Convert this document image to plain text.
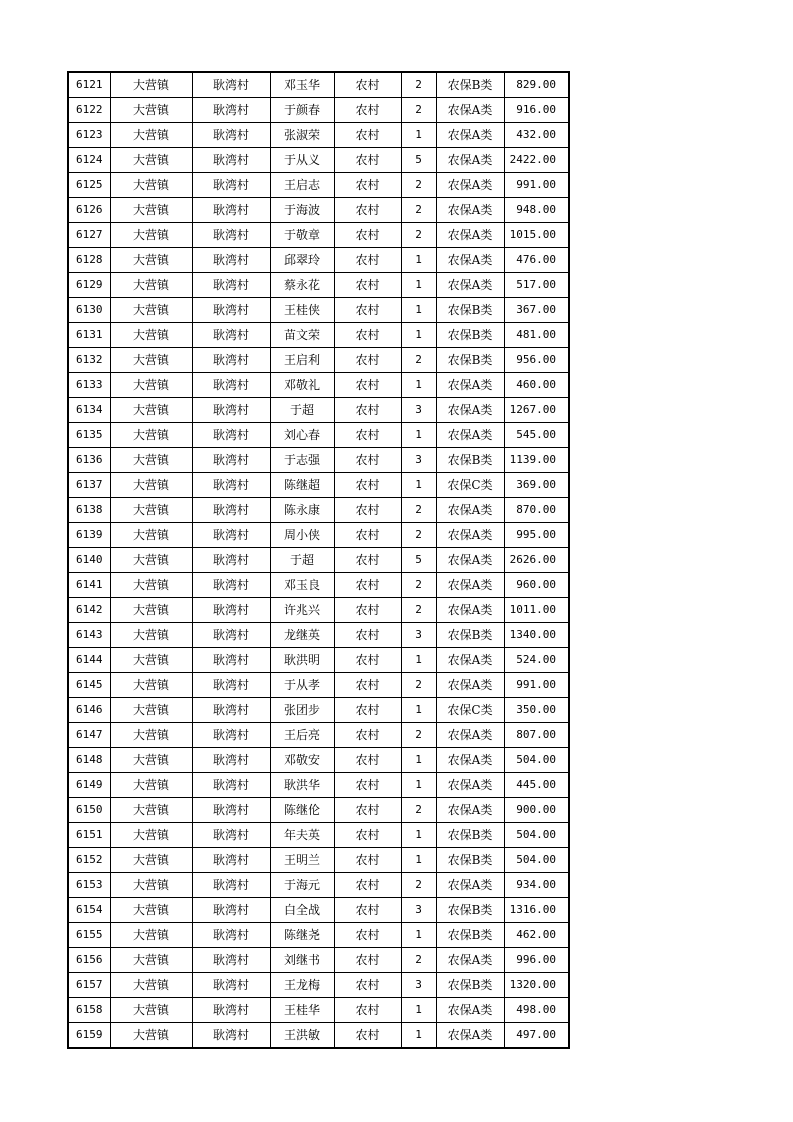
6121	大营镇	耿湾村	邓玉华	农村	2	农保B类	829.00
6122	大营镇	耿湾村	于颜春	农村	2	农保A类	916.00
6123	大营镇	耿湾村	张淑荣	农村	1	农保A类	432.00
6124	大营镇	耿湾村	于从义	农村	5	农保A类	2422.00
6125	大营镇	耿湾村	王启志	农村	2	农保A类	991.00
6126	大营镇	耿湾村	于海波	农村	2	农保A类	948.00
6127	大营镇	耿湾村	于敬章	农村	2	农保A类	1015.00
6128	大营镇	耿湾村	邱翠玲	农村	1	农保A类	476.00
6129	大营镇	耿湾村	蔡永花	农村	1	农保A类	517.00
6130	大营镇	耿湾村	王桂侠	农村	1	农保B类	367.00
6131	大营镇	耿湾村	苗文荣	农村	1	农保B类	481.00
6132	大营镇	耿湾村	王启利	农村	2	农保B类	956.00
6133	大营镇	耿湾村	邓敬礼	农村	1	农保A类	460.00
6134	大营镇	耿湾村	于超	农村	3	农保A类	1267.00
6135	大营镇	耿湾村	刘心春	农村	1	农保A类	545.00
6136	大营镇	耿湾村	于志强	农村	3	农保B类	1139.00
6137	大营镇	耿湾村	陈继超	农村	1	农保C类	369.00
6138	大营镇	耿湾村	陈永康	农村	2	农保A类	870.00
6139	大营镇	耿湾村	周小侠	农村	2	农保A类	995.00
6140	大营镇	耿湾村	于超	农村	5	农保A类	2626.00
6141	大营镇	耿湾村	邓玉良	农村	2	农保A类	960.00
6142	大营镇	耿湾村	许兆兴	农村	2	农保A类	1011.00
6143	大营镇	耿湾村	龙继英	农村	3	农保B类	1340.00
6144	大营镇	耿湾村	耿洪明	农村	1	农保A类	524.00
6145	大营镇	耿湾村	于从孝	农村	2	农保A类	991.00
6146	大营镇	耿湾村	张团步	农村	1	农保C类	350.00
6147	大营镇	耿湾村	王后亮	农村	2	农保A类	807.00
6148	大营镇	耿湾村	邓敬安	农村	1	农保A类	504.00
6149	大营镇	耿湾村	耿洪华	农村	1	农保A类	445.00
6150	大营镇	耿湾村	陈继伦	农村	2	农保A类	900.00
6151	大营镇	耿湾村	年夫英	农村	1	农保B类	504.00
6152	大营镇	耿湾村	王明兰	农村	1	农保B类	504.00
6153	大营镇	耿湾村	于海元	农村	2	农保A类	934.00
6154	大营镇	耿湾村	白全战	农村	3	农保B类	1316.00
6155	大营镇	耿湾村	陈继尧	农村	1	农保B类	462.00
6156	大营镇	耿湾村	刘继书	农村	2	农保A类	996.00
6157	大营镇	耿湾村	王龙梅	农村	3	农保B类	1320.00
6158	大营镇	耿湾村	王桂华	农村	1	农保A类	498.00
6159	大营镇	耿湾村	王洪敏	农村	1	农保A类	497.00
